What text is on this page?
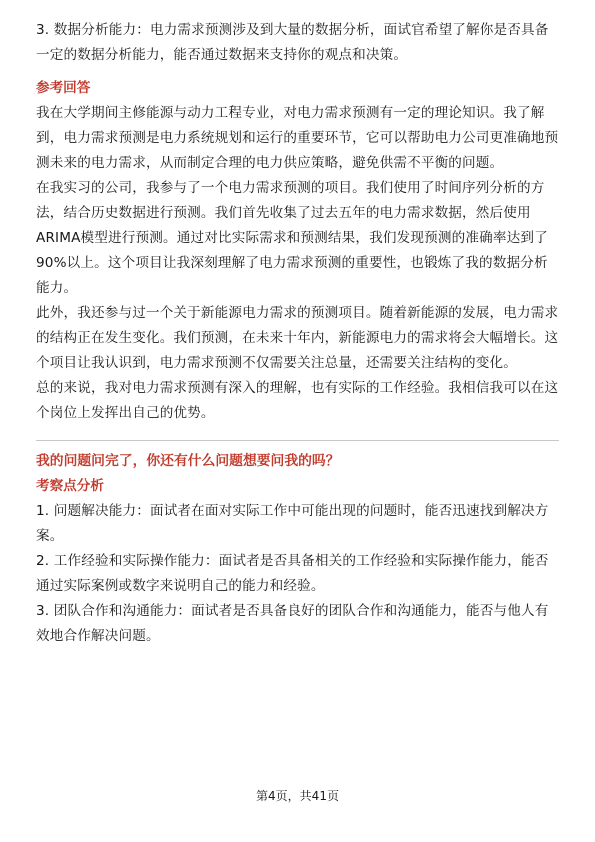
3. 数据分析能力：电力需求预测涉及到大量的数据分析，面试官希望了解你是否具备一定的数据分析能力，能否通过数据来支持你的观点和决策。

参考回答

我在大学期间主修能源与动力工程专业，对电力需求预测有一定的理论知识。我了解到，电力需求预测是电力系统规划和运行的重要环节，它可以帮助电力公司更准确地预测未来的电力需求，从而制定合理的电力供应策略，避免供需不平衡的问题。

在我实习的公司，我参与了一个电力需求预测的项目。我们使用了时间序列分析的方法，结合历史数据进行预测。我们首先收集了过去五年的电力需求数据，然后使用ARIMA模型进行预测。通过对比实际需求和预测结果，我们发现预测的准确率达到了90%以上。这个项目让我深刻理解了电力需求预测的重要性，也锻炼了我的数据分析能力。

此外，我还参与过一个关于新能源电力需求的预测项目。随着新能源的发展，电力需求的结构正在发生变化。我们预测，在未来十年内，新能源电力的需求将会大幅增长。这个项目让我认识到，电力需求预测不仅需要关注总量，还需要关注结构的变化。

总的来说，我对电力需求预测有深入的理解，也有实际的工作经验。我相信我可以在这个岗位上发挥出自己的优势。

我的问题问完了，你还有什么问题想要问我的吗？
考察点分析

1. 问题解决能力：面试者在面对实际工作中可能出现的问题时，能否迅速找到解决方案。

2. 工作经验和实际操作能力：面试者是否具备相关的工作经验和实际操作能力，能否通过实际案例或数字来说明自己的能力和经验。

3. 团队合作和沟通能力：面试者是否具备良好的团队合作和沟通能力，能否与他人有效地合作解决问题。

第4页，共41页
